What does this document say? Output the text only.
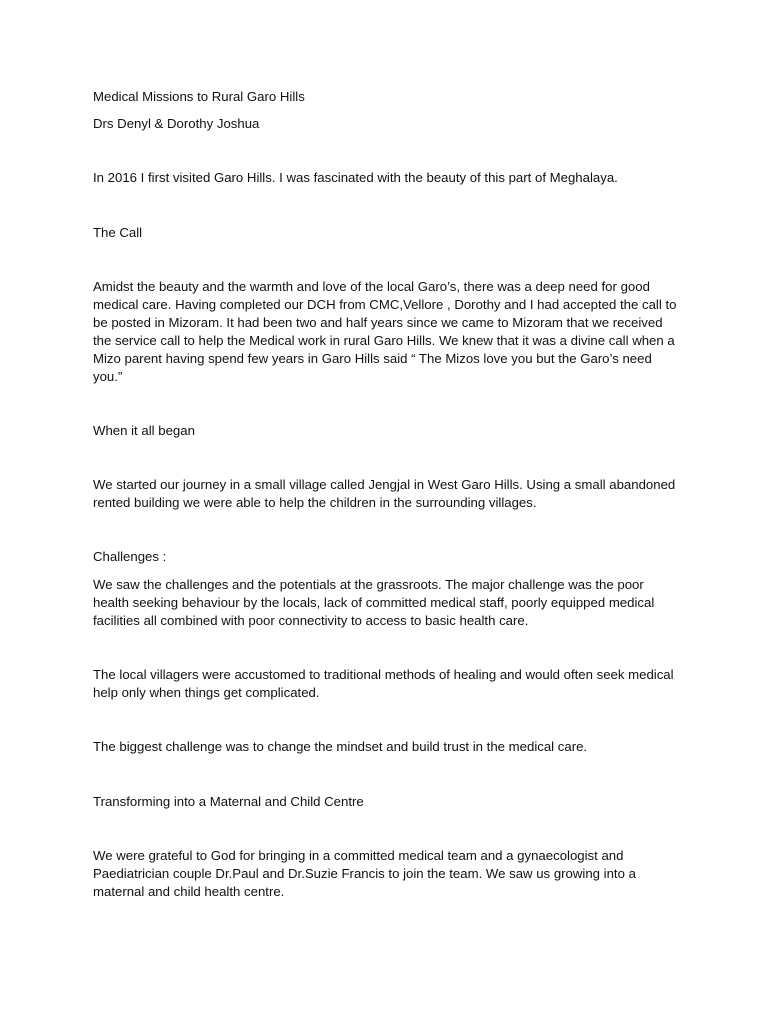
Medical Missions to Rural Garo Hills

Drs Denyl & Dorothy Joshua

In 2016 I first visited Garo Hills. I was fascinated with the beauty of this part of Meghalaya.

The Call

Amidst the beauty and the warmth and love of the local Garo’s, there was a deep need for good
medical care. Having completed our DCH from CMC,Vellore , Dorothy and I had accepted the call to
be posted in Mizoram. It had been two and half years since we came to Mizoram that we received
the service call to help the Medical work in rural Garo Hills. We knew that it was a divine call when a
Mizo parent having spend few years in Garo Hills said “ The Mizos love you but the Garo’s need
you.”

When it all began

We started our journey in a small village called Jengjal in West Garo Hills. Using a small abandoned
rented building we were able to help the children in the surrounding villages.

Challenges :

We saw the challenges and the potentials at the grassroots. The major challenge was the poor
health seeking behaviour by the locals, lack of committed medical staff, poorly equipped medical
facilities all combined with poor connectivity to access to basic health care.

The local villagers were accustomed to traditional methods of healing and would often seek medical
help only when things get complicated.

The biggest challenge was to change the mindset and build trust in the medical care.

Transforming into a Maternal and Child Centre

We were grateful to God for bringing in a committed medical team and a gynaecologist and
Paediatrician couple Dr.Paul and Dr.Suzie Francis to join the team. We saw us growing into a
maternal and child health centre.
